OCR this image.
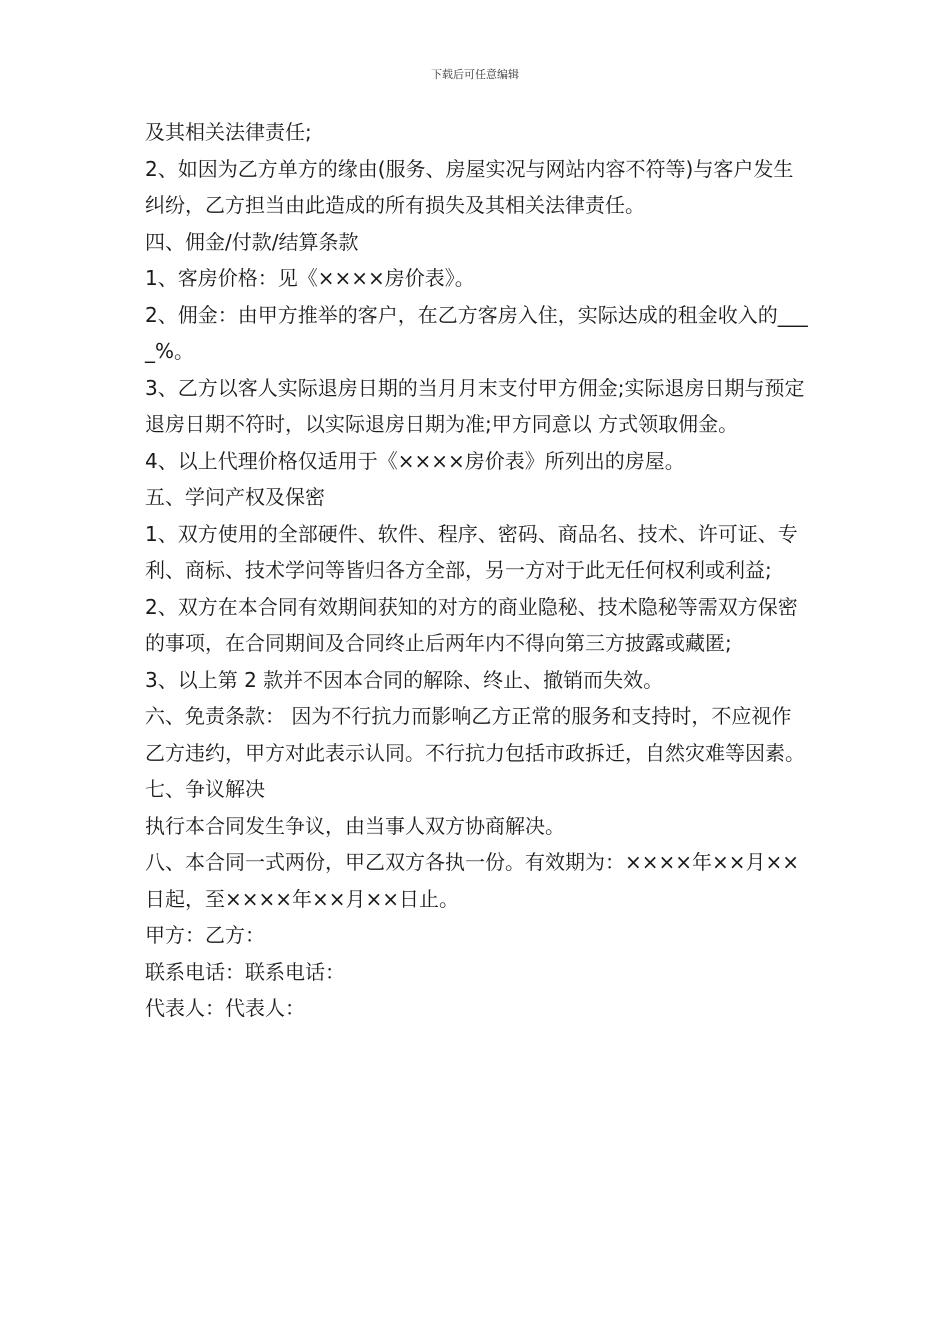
下载后可任意编辑

及其相关法律责任;

2、如因为乙方单方的缘由(服务、房屋实况与网站内容不符等)与客户发生纠纷，乙方担当由此造成的所有损失及其相关法律责任。

四、佣金/付款/结算条款

1、客房价格：见《××××房价表》。

2、佣金：由甲方推举的客户，在乙方客房入住，实际达成的租金收入的____%。

3、乙方以客人实际退房日期的当月月末支付甲方佣金;实际退房日期与预定退房日期不符时，以实际退房日期为准;甲方同意以 方式领取佣金。

4、以上代理价格仅适用于《××××房价表》所列出的房屋。

五、学问产权及保密

1、双方使用的全部硬件、软件、程序、密码、商品名、技术、许可证、专利、商标、技术学问等皆归各方全部，另一方对于此无任何权利或利益;

2、双方在本合同有效期间获知的对方的商业隐秘、技术隐秘等需双方保密的事项，在合同期间及合同终止后两年内不得向第三方披露或藏匿;

3、以上第 2 款并不因本合同的解除、终止、撤销而失效。

六、免责条款： 因为不行抗力而影响乙方正常的服务和支持时，不应视作乙方违约，甲方对此表示认同。不行抗力包括市政拆迁，自然灾难等因素。

七、争议解决

执行本合同发生争议，由当事人双方协商解决。

八、本合同一式两份，甲乙双方各执一份。有效期为：××××年××月××日起，至××××年××月××日止。

甲方：乙方：

联系电话：联系电话：

代表人：代表人：
